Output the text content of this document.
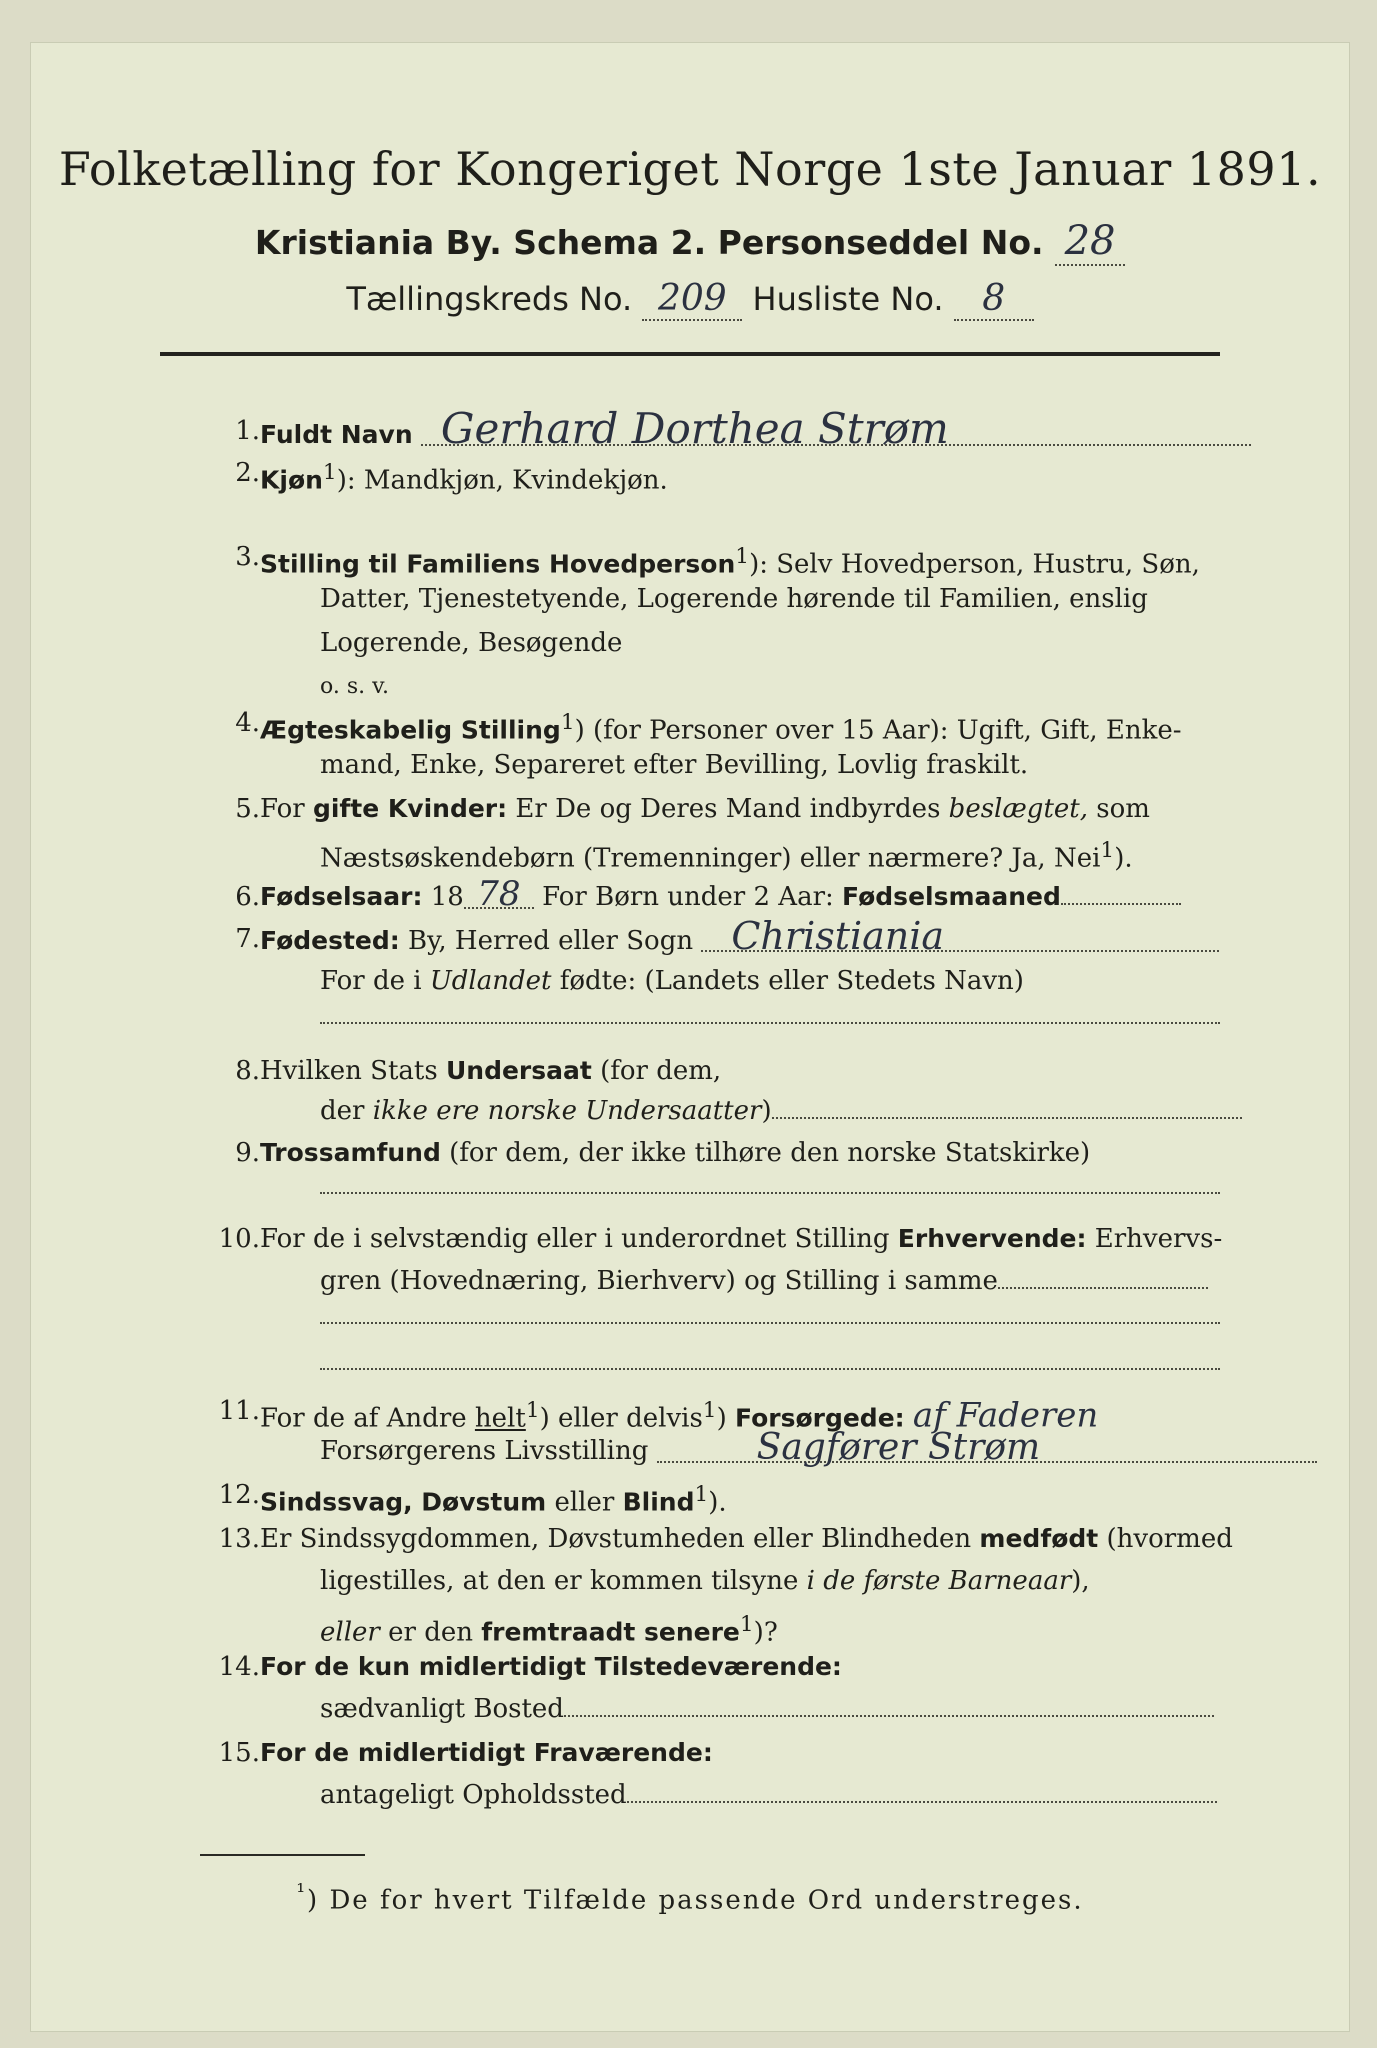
Folketælling for Kongeriget Norge 1ste Januar 1891.
Kristiania By. Schema 2. Personseddel No. 28
Tællingskreds No. 209 Husliste No. 8
1. Fuldt Navn Gerhard Dorthea Strøm
2. Kjøn$^1$): Mandkjøn, Kvindekjøn.
3. Stilling til Familiens Hovedperson$^1$): Selv Hovedperson, Hustru, Søn,
Datter, Tjenestetyende, Logerende hørende til Familien, enslig
Logerende, Besøgende
o. s. v.
4. Ægteskabelig Stilling$^1$) (for Personer over 15 Aar): Ugift, Gift, Enke-
mand, Enke, Separeret efter Bevilling, Lovlig fraskilt.
5. For gifte Kvinder: Er De og Deres Mand indbyrdes beslægtet, som
Næstsøskendebørn (Tremenninger) eller nærmere? Ja, Nei$^1$).
6. Fødselsaar: 18 78 For Børn under 2 Aar: Fødselsmaaned
7. Fødested: By, Herred eller Sogn Christiania
For de i Udlandet fødte: (Landets eller Stedets Navn)
8. Hvilken Stats Undersaat (for dem,
der ikke ere norske Undersaatter)
9. Trossamfund (for dem, der ikke tilhøre den norske Statskirke)
10. For de i selvstændig eller i underordnet Stilling Erhvervende: Erhvervs-
gren (Hovednæring, Bierhverv) og Stilling i samme
11. For de af Andre helt$^1$) eller delvis$^1$) Forsørgede: af Faderen
Forsørgerens Livsstilling	Sagfører Strøm
12. Sindssvag, Døvstum eller Blind$^1$).
13. Er Sindssygdommen, Døvstumheden eller Blindheden medfødt (hvormed
ligestilles, at den er kommen tilsyne i de første Barneaar),
eller er den fremtraadt senere$^1$)?
14. For de kun midlertidigt Tilstedeværende:
sædvanligt Bosted
15. For de midlertidigt Fraværende:
antageligt Opholdssted
$^{^1}$) De for hvert Tilfælde passende Ord understreges.
